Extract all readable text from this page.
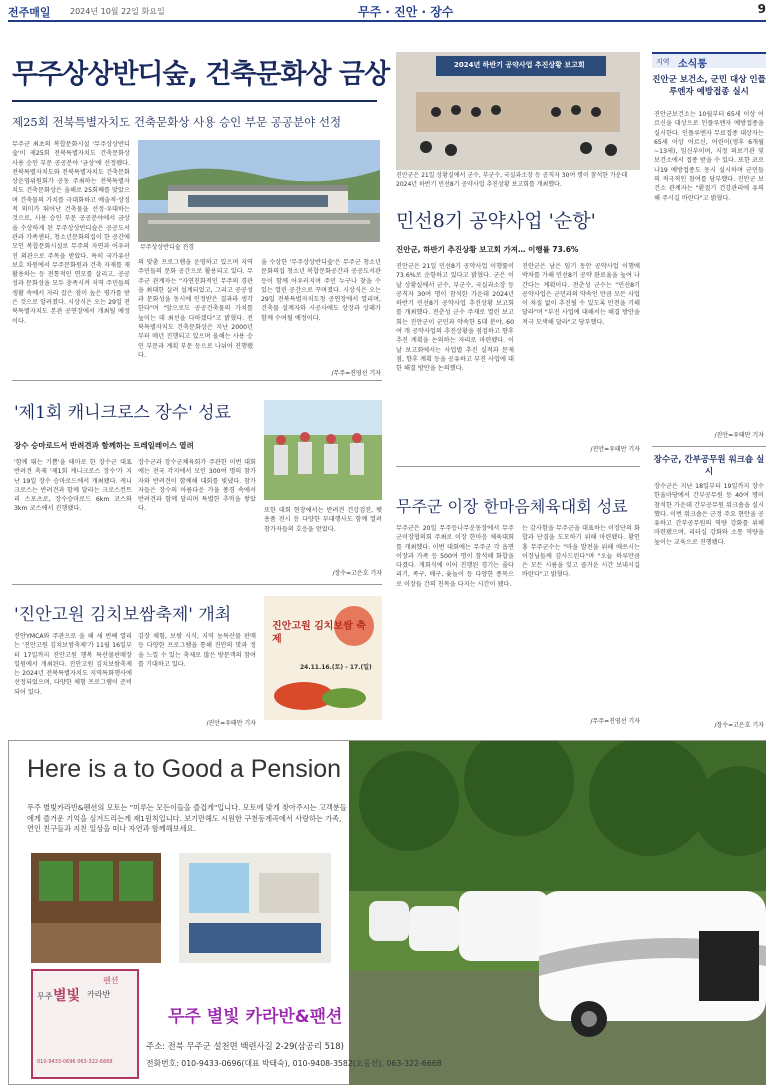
전주매일 2024년 10월 22일 화요일	무주 · 진안 · 장수	9
무주상상반디숲, 건축문화상 금상
제25회 전북특별자치도 건축문화상 사용 승인 부문 공공분야 선정
무주군 최초의 복합문화시설 '무주상상반디숲'이 제25회 전북특별자치도 건축문화상 사용 승인 부문 공공분야 '금상'에 선정됐다. 전북특별자치도와 전북특별자치도 건축문화상운영위원회가 공동 주최하는 전북특별자치도 건축문화상은 올해로 25회째를 맞았으며 건축물의 가치를 극대화하고 예술적·상징적 의미가 뛰어난 건축물을 선정·우대하는 것으로, 사용 승인 부문 공공분야에서 금상을 수상하게 된 무주상상반디숲은 공공도서관과 가족센터, 청소년문화의집이 한 공간에 모인 복합문화시설로 무주의 자연과 어우러진 외관으로 주목을 받았다. 특히 국가유산 보호 차원에서 무주문화원과 건축 자재를 재활용하는 등 전통적인 면모를 살리고, 공공성과 문화성을 모두 충족시켜 지역 주민들의 생활 속에서 자리 잡은 점이 높은 평가를 받은 것으로 알려졌다. 시상식은 오는 29일 전북특별자치도 본관 공연장에서 개최될 예정이다.
무주상상반디숲 전경
의 맞춤 프로그램을 운영하고 있으며 지역 주민들의 문화 공간으로 활용되고 있다. 무주군 관계자는 "자연친화적인 무주의 경관을 최대한 살려 설계되었고, 그리고 공공성과 문화성을 동시에 인정받은 결과라 생각한다"며 "앞으로도 공공건축물의 가치를 높이는 데 최선을 다하겠다"고 밝혔다. 전북특별자치도 건축문화상은 지난 2000년부터 매년 진행되고 있으며 올해는 사용 승인 부문과 계획 부문 등으로 나뉘어 진행됐다.
을 수상한 '무주상상반디숲'은 무주군 청소년 문화의집 청소년 복합문화공간과 공공도서관 등이 함께 어우러지며 주민 누구나 찾을 수 있는 열린 공간으로 꾸며졌다. 시상식은 오는 29일 전북특별자치도청 공연장에서 열리며, 건축물 설계자와 시공사에도 상장과 상패가 함께 수여될 예정이다.
/무주=진영선 기자
2024년 하반기 공약사업 추진상황 보고회
진안군은 21일 상황실에서 군수, 부군수, 국실과소장 등 공직자 30여 명이 참석한 가운데 2024년 하반기 민선8기 공약사업 추진상황 보고회를 개최했다.
민선8기 공약사업 '순항'
진안군, 하반기 추진상황 보고회 가져… 이행률 73.6%
진안군은 21일 민선8기 공약사업 이행률이 73.6%로 순항하고 있다고 밝혔다. 군은 이날 상황실에서 군수, 부군수, 국실과소장 등 공직자 30여 명이 참석한 가운데 2024년 하반기 민선8기 공약사업 추진상황 보고회를 개최했다. 전춘성 군수 주재로 열린 보고회는 진안군이 군민과 약속한 5대 분야, 60여 개 공약사업의 추진상황을 점검하고 향후 추진 계획을 논의하는 자리로 마련됐다. 이날 보고회에서는 사업별 추진 실적과 문제점, 향후 계획 등을 공유하고 부진 사업에 대한 해결 방안을 논의했다.
진안군은 남은 임기 동안 공약사업 이행에 박차를 가해 민선8기 공약 완료율을 높여 나간다는 계획이다. 전춘성 군수는 "민선8기 공약사업은 군민과의 약속인 만큼 모든 사업이 차질 없이 추진될 수 있도록 만전을 기해달라"며 "부진 사업에 대해서는 해결 방안을 적극 모색해 달라"고 당부했다.
/진안=우태만 기자
무주군 이장 한마음체육대회 성료
무주군은 20일 무주등나무운동장에서 무주군이장협의회 주최로 이장 한마음 체육대회를 개최했다. 이번 대회에는 무주군 각 읍면 이장과 가족 등 500여 명이 참석해 화합을 다졌다. 개회식에 이어 진행된 경기는 줄다리기, 족구, 배구, 윷놀이 등 다양한 종목으로 이장들 간의 친목을 다지는 시간이 됐다.
는 감사함을 무주군을 대표하는 이장단의 화합과 단결을 도모하기 위해 마련됐다. 황인홍 무주군수는 "마을 발전을 위해 애쓰시는 이장님들께 감사드린다"며 "오늘 하루만큼은 모든 시름을 잊고 즐거운 시간 보내시길 바란다"고 밝혔다.
/무주=진영선 기자
'제1회 캐니크로스 장수' 성료
장수 승마로드서 반려견과 함께하는 트레일레이스 열려
'함께 뛰는 기쁨'을 테마로 한 장수군 대표 반려견 축제 '제1회 캐니크로스 장수'가 지난 19일 장수 승마로드에서 개최됐다. 캐니크로스는 반려견과 함께 달리는 크로스컨트리 스포츠로, 장수승마로드 6km 코스와 3km 코스에서 진행됐다.
장수군과 장수군체육회가 주관한 이번 대회에는 전국 각지에서 모인 300여 명의 참가자와 반려견이 함께해 대회를 빛냈다. 참가자들은 장수의 아름다운 가을 풍경 속에서 반려견과 함께 달리며 특별한 추억을 쌓았다.	또한 대회 현장에서는 반려견 건강검진, 펫 용품 전시 등 다양한 부대행사도 함께 열려 참가자들의 호응을 얻었다.
/장수=고은호 기자
'진안고원 김치보쌈축제' 개최
진안YMCA와 주관으로 올 해 세 번째 열리는 '진안고원 김치보쌈축제'가 11월 16일부터 17일까지 진안고원 행복 특산물판매장 일원에서 개최된다. 진안고원 김치보쌈축제는 2024년 전북특별자치도 지역특화행사에 선정되었으며, 다양한 체험 프로그램이 준비되어 있다.
김장 체험, 보쌈 시식, 지역 농특산물 판매 등 다양한 프로그램을 통해 진안의 맛과 정을 느낄 수 있는 축제로 많은 방문객의 참여를 기대하고 있다.
/진안=우태만 기자
진안고원 김치보쌈 축제
24.11.16.(토) - 17.(일)
지역 소식통
진안군 보건소, 군민 대상 인플루엔자 예방접종 실시
진안군보건소는 10월부터 65세 이상 어르신을 대상으로 인플루엔자 예방접종을 실시한다. 인플루엔자 무료접종 대상자는 65세 이상 어르신, 어린이(생후 6개월~13세), 임신부이며, 지정 의료기관 및 보건소에서 접종 받을 수 있다. 또한 코로나19 예방접종도 동시 실시하며 군민들의 적극적인 참여를 당부했다. 진안군 보건소 관계자는 "환절기 건강관리에 유의해 주시길 바란다"고 밝혔다.
/진안=우태만 기자
장수군, 간부공무원 워크숍 실시
장수군은 지난 18일부터 19일까지 장수한울마당에서 간부공무원 등 40여 명이 참석한 가운데 간부공무원 워크숍을 실시했다. 이번 워크숍은 군정 주요 현안을 공유하고 간부공무원의 역량 강화를 위해 마련됐으며, 리더십 강화와 소통 역량을 높이는 교육으로 진행됐다.
/장수=고은호 기자
Here is a to Good a Pension
무주 별빛카라반&펜션의 모토는 "미루는 모든이들을 즐겁게"입니다. 모토에 맞게 찾아주시는 고객분들에게 즐거운 기억을 심겨드리는게 제1원칙입니다. 보기만해도 시원한 구천동계곡에서 사랑하는 가족, 연인 친구들과 지친 일상을 떠나 자연과 함께해보세요.
무주 별빛 카라반
펜션
010-9433-0696 063-322-6668
무주 별빛 카라반&팬션
주소: 전북 무주군 설천면 백련사길 2-29(삼공리 518)
전화번호: 010-9433-0696(대표 박태숙), 010-9408-3582(오동선), 063-322-6668
